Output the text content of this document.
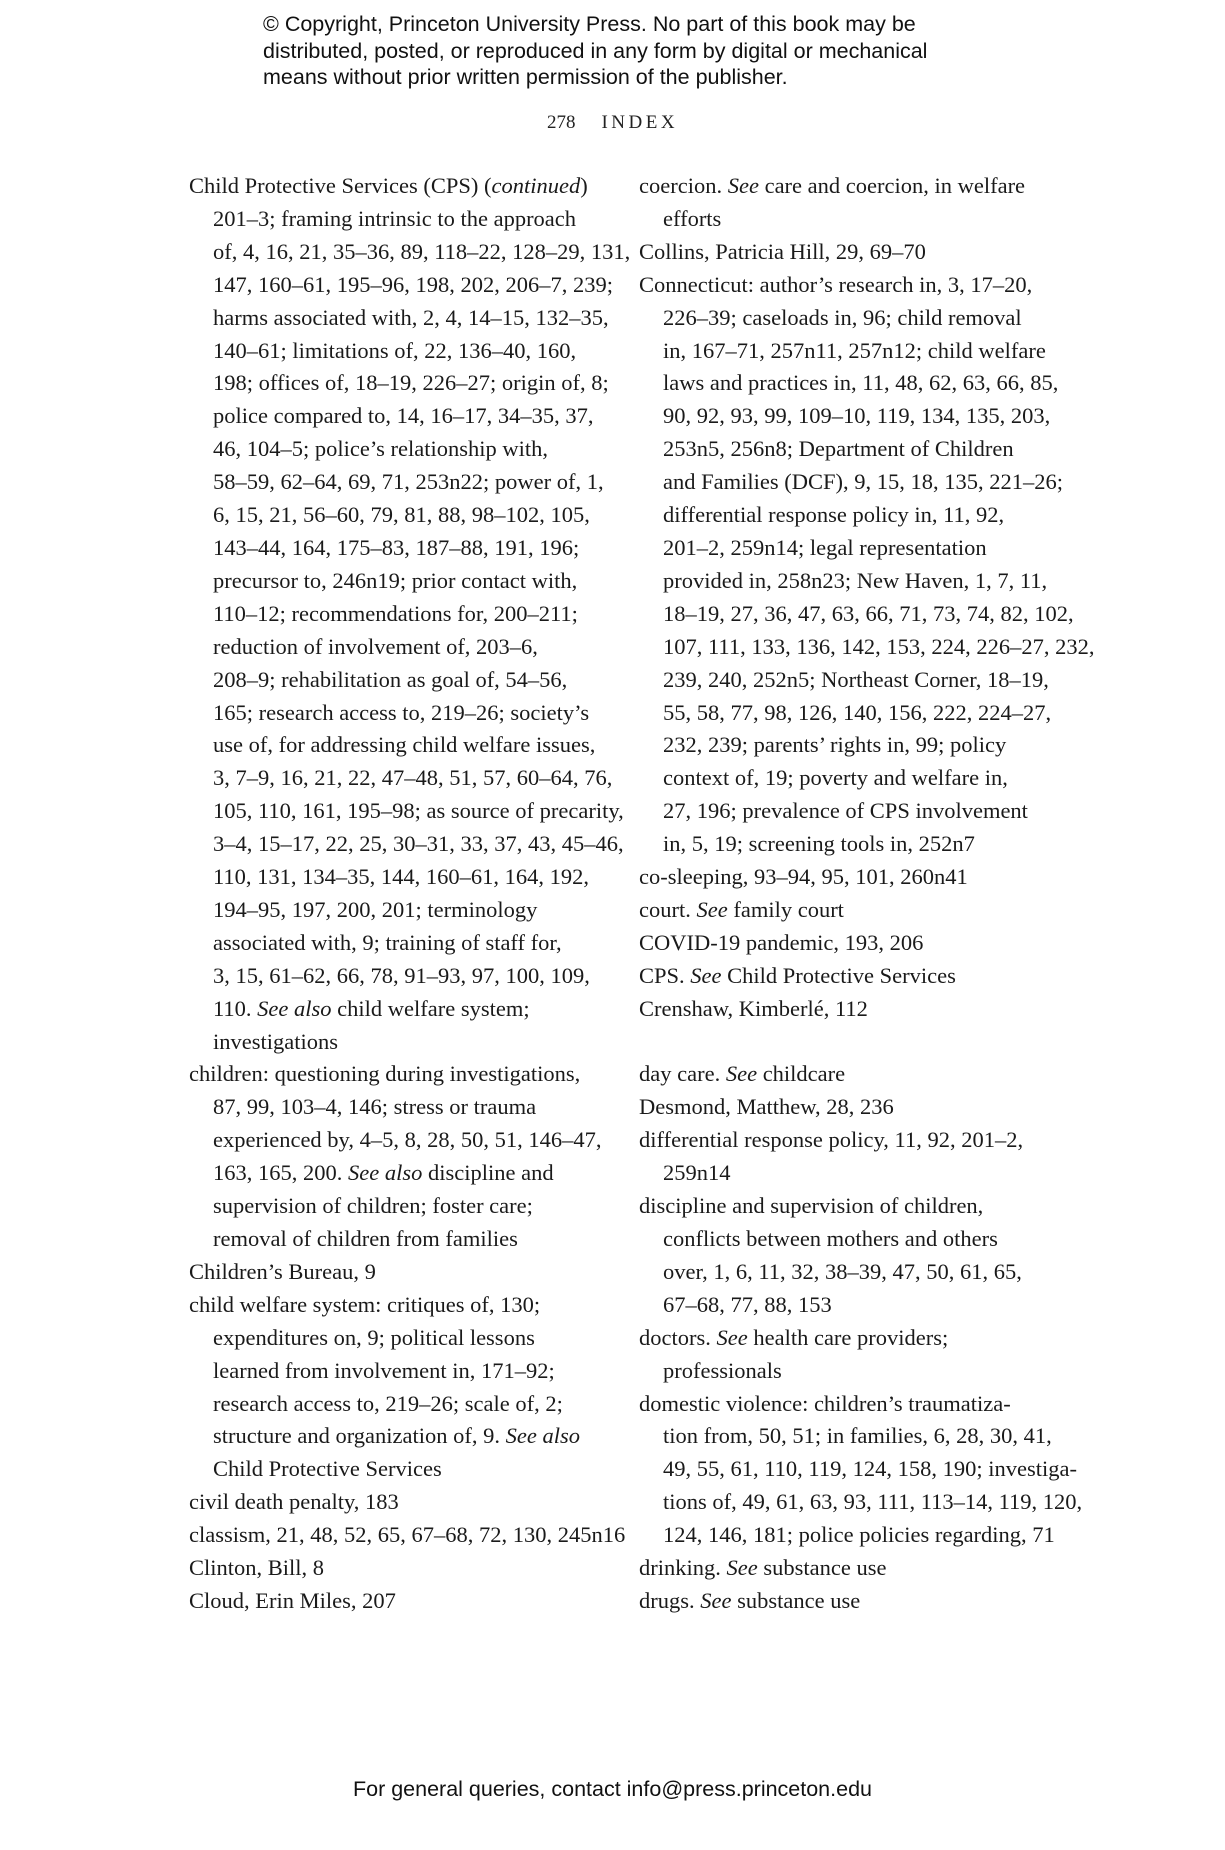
© Copyright, Princeton University Press. No part of this book may be
distributed, posted, or reproduced in any form by digital or mechanical
means without prior written permission of the publisher.
278 INDEX
Child Protective Services (CPS) (continued)
201–3; framing intrinsic to the approach
of, 4, 16, 21, 35–36, 89, 118–22, 128–29, 131,
147, 160–61, 195–96, 198, 202, 206–7, 239;
harms associated with, 2, 4, 14–15, 132–35,
140–61; limitations of, 22, 136–40, 160,
198; offices of, 18–19, 226–27; origin of, 8;
police compared to, 14, 16–17, 34–35, 37,
46, 104–5; police’s relationship with,
58–59, 62–64, 69, 71, 253n22; power of, 1,
6, 15, 21, 56–60, 79, 81, 88, 98–102, 105,
143–44, 164, 175–83, 187–88, 191, 196;
precursor to, 246n19; prior contact with,
110–12; recommendations for, 200–211;
reduction of involvement of, 203–6,
208–9; rehabilitation as goal of, 54–56,
165; research access to, 219–26; society’s
use of, for addressing child welfare issues,
3, 7–9, 16, 21, 22, 47–48, 51, 57, 60–64, 76,
105, 110, 161, 195–98; as source of precarity,
3–4, 15–17, 22, 25, 30–31, 33, 37, 43, 45–46,
110, 131, 134–35, 144, 160–61, 164, 192,
194–95, 197, 200, 201; terminology
associated with, 9; training of staff for,
3, 15, 61–62, 66, 78, 91–93, 97, 100, 109,
110. See also child welfare system;
investigations
children: questioning during investigations,
87, 99, 103–4, 146; stress or trauma
experienced by, 4–5, 8, 28, 50, 51, 146–47,
163, 165, 200. See also discipline and
supervision of children; foster care;
removal of children from families
Children’s Bureau, 9
child welfare system: critiques of, 130;
expenditures on, 9; political lessons
learned from involvement in, 171–92;
research access to, 219–26; scale of, 2;
structure and organization of, 9. See also
Child Protective Services
civil death penalty, 183
classism, 21, 48, 52, 65, 67–68, 72, 130, 245n16
Clinton, Bill, 8
Cloud, Erin Miles, 207
coercion. See care and coercion, in welfare
efforts
Collins, Patricia Hill, 29, 69–70
Connecticut: author’s research in, 3, 17–20,
226–39; caseloads in, 96; child removal
in, 167–71, 257n11, 257n12; child welfare
laws and practices in, 11, 48, 62, 63, 66, 85,
90, 92, 93, 99, 109–10, 119, 134, 135, 203,
253n5, 256n8; Department of Children
and Families (DCF), 9, 15, 18, 135, 221–26;
differential response policy in, 11, 92,
201–2, 259n14; legal representation
provided in, 258n23; New Haven, 1, 7, 11,
18–19, 27, 36, 47, 63, 66, 71, 73, 74, 82, 102,
107, 111, 133, 136, 142, 153, 224, 226–27, 232,
239, 240, 252n5; Northeast Corner, 18–19,
55, 58, 77, 98, 126, 140, 156, 222, 224–27,
232, 239; parents’ rights in, 99; policy
context of, 19; poverty and welfare in,
27, 196; prevalence of CPS involvement
in, 5, 19; screening tools in, 252n7
co-sleeping, 93–94, 95, 101, 260n41
court. See family court
COVID-19 pandemic, 193, 206
CPS. See Child Protective Services
Crenshaw, Kimberlé, 112
day care. See childcare
Desmond, Matthew, 28, 236
differential response policy, 11, 92, 201–2,
259n14
discipline and supervision of children,
conflicts between mothers and others
over, 1, 6, 11, 32, 38–39, 47, 50, 61, 65,
67–68, 77, 88, 153
doctors. See health care providers;
professionals
domestic violence: children’s traumatiza-
tion from, 50, 51; in families, 6, 28, 30, 41,
49, 55, 61, 110, 119, 124, 158, 190; investiga-
tions of, 49, 61, 63, 93, 111, 113–14, 119, 120,
124, 146, 181; police policies regarding, 71
drinking. See substance use
drugs. See substance use
For general queries, contact info@press.princeton.edu
